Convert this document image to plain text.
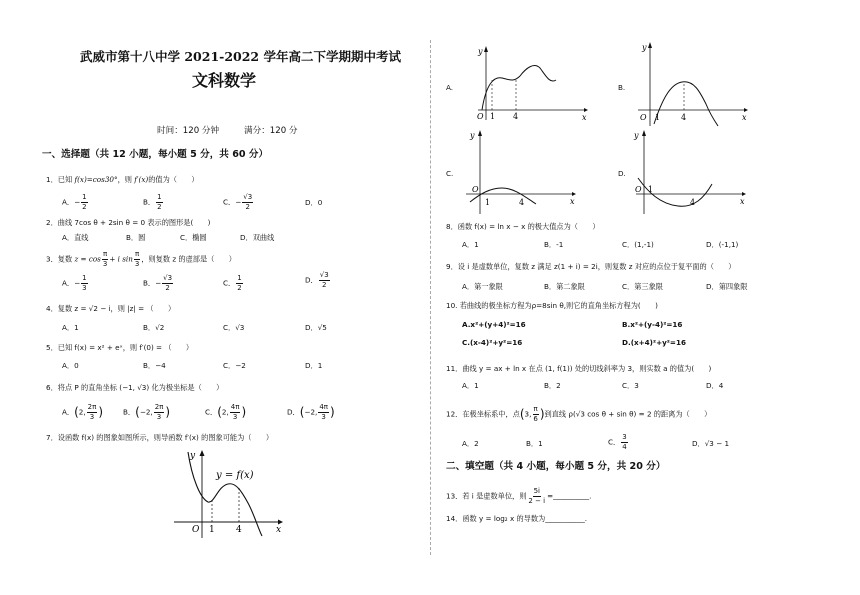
武威市第十八中学 2021-2022 学年高二下学期期中考试
文科数学
时间：120 分钟	满分：120 分
一、选择题（共 12 小题，每小题 5 分，共 60 分）
1．已知 f(x)=cos30°，则 f′(x)的值为（　　）
A．− $\frac{1}{2}$	B． $\frac{1}{2}$	C．− $\frac{√3}{2}$	D．0
2．曲线 7cos θ + 2sin θ = 0 表示的图形是(　　)
A．直线	B．圆	C．椭圆	D．双曲线
3．复数 $z = \cos \frac{\pi}{3} + i$ $\sin \frac{\pi}{3}$ ，则复数 z 的虚部是（　　）
A．− $\frac{1}{3}$	B．− $\frac{√3}{2}$	C． $\frac{1}{2}$	D． $\frac{√3}{2}$
4．复数 z = √2 − i，则 |z| = （　　）
A．1	B．√2	C．√3	D．√5
5．已知 f(x) = x² + eˣ，则 f′(0) = （　　）
A．0	B．−4	C．−2	D．1
6．将点 P 的直角坐标 (−1, √3) 化为极坐标是（　　）
A．(2, $\frac{2\pi}{3}$ )	B．(−2, $\frac{2\pi}{3}$ )	C．(2, $\frac{4\pi}{3}$ )	D．(−2, $\frac{4\pi}{3}$ )
7．设函数 f(x) 的图象如图所示，则导函数 f′(x) 的图象可能为（　　）
y = f(x)
y
x
O 1 4
A.
y
x
O 1 4
B.
y
x
O 1	4
C.
y
x
O
1	4
D.
y
x
O 1
4
8．函数 f(x) = ln x − x 的极大值点为（　　）
A．1	B．-1	C．(1,-1)	D．(-1,1)
9．设 i 是虚数单位，复数 z 满足 z(1 + i) = 2i，则复数 z 对应的点位于复平面的（　　）
A．第一象限	B．第二象限	C．第三象限	D．第四象限
10. 若曲线的极坐标方程为ρ=8sin θ,则它的直角坐标方程为(　　)
A.x²+(y+4)²=16	B.x²+(y-4)²=16
C.(x-4)²+y²=16	D.(x+4)²+y²=16
11．曲线 y = ax + ln x 在点 (1, f(1)) 处的切线斜率为 3，则实数 a 的值为(　　)
A．1	B．2	C．3	D．4
12．在极坐标系中，点(3, $\frac{\pi}{6}$ )到直线 ρ(√3 cos θ + sin θ) = 2 的距离为（　　）
A．2	B．1	C． $\frac{3}{4}$	D．√3 − 1
二、填空题（共 4 小题，每小题 5 分，共 20 分）
13．若 i 是虚数单位，则 $\frac{5i}{2 - i}$ =__________.
14．函数 y = log₂ x 的导数为___________.
